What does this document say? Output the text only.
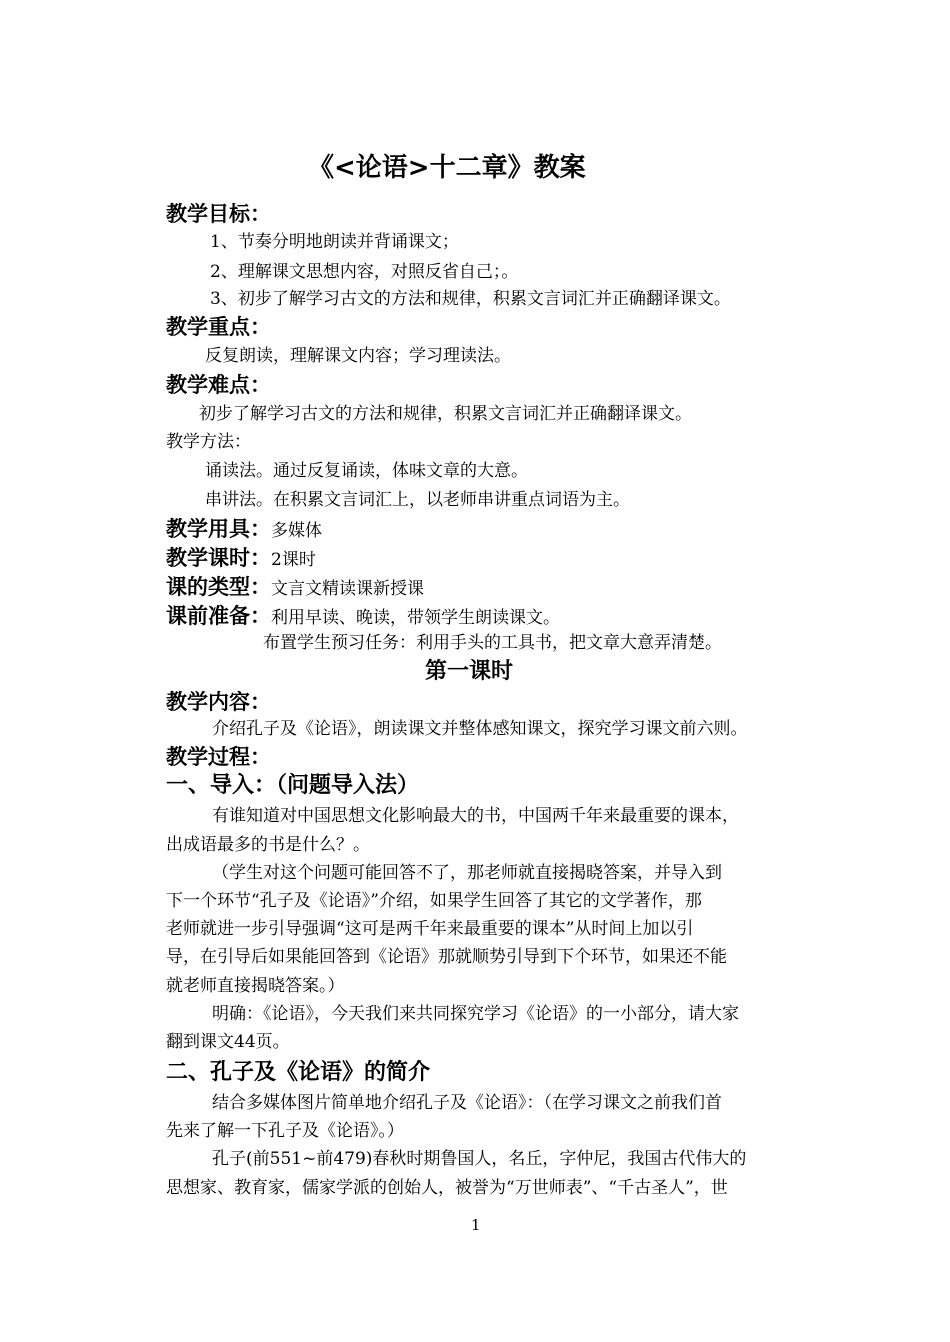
《<论语>十二章》教案
教学目标：
1、节奏分明地朗读并背诵课文；
2、理解课文思想内容，对照反省自己；。
3、初步了解学习古文的方法和规律，积累文言词汇并正确翻译课文。
教学重点：
反复朗读，理解课文内容；学习理读法。
教学难点：
初步了解学习古文的方法和规律，积累文言词汇并正确翻译课文。
教学方法：
诵读法。通过反复诵读，体味文章的大意。
串讲法。在积累文言词汇上，以老师串讲重点词语为主。
教学用具：多媒体
教学课时：2课时
课的类型：文言文精读课新授课
课前准备：利用早读、晚读，带领学生朗读课文。
布置学生预习任务：利用手头的工具书，把文章大意弄清楚。
第一课时
教学内容：
介绍孔子及《论语》，朗读课文并整体感知课文，探究学习课文前六则。
教学过程：
一、导入：（问题导入法）
有谁知道对中国思想文化影响最大的书，中国两千年来最重要的课本，
出成语最多的书是什么？。
（学生对这个问题可能回答不了，那老师就直接揭晓答案，并导入到
下一个环节“孔子及《论语》”介绍，如果学生回答了其它的文学著作，那
老师就进一步引导强调“这可是两千年来最重要的课本”从时间上加以引
导，在引导后如果能回答到《论语》那就顺势引导到下个环节，如果还不能
就老师直接揭晓答案。）
明确：《论语》，今天我们来共同探究学习《论语》的一小部分，请大家
翻到课文44页。
二、孔子及《论语》的简介
结合多媒体图片简单地介绍孔子及《论语》：（在学习课文之前我们首
先来了解一下孔子及《论语》。）
孔子(前551~前479)春秋时期鲁国人，名丘，字仲尼，我国古代伟大的
思想家、教育家，儒家学派的创始人，被誉为“万世师表”、“千古圣人”，世
1
